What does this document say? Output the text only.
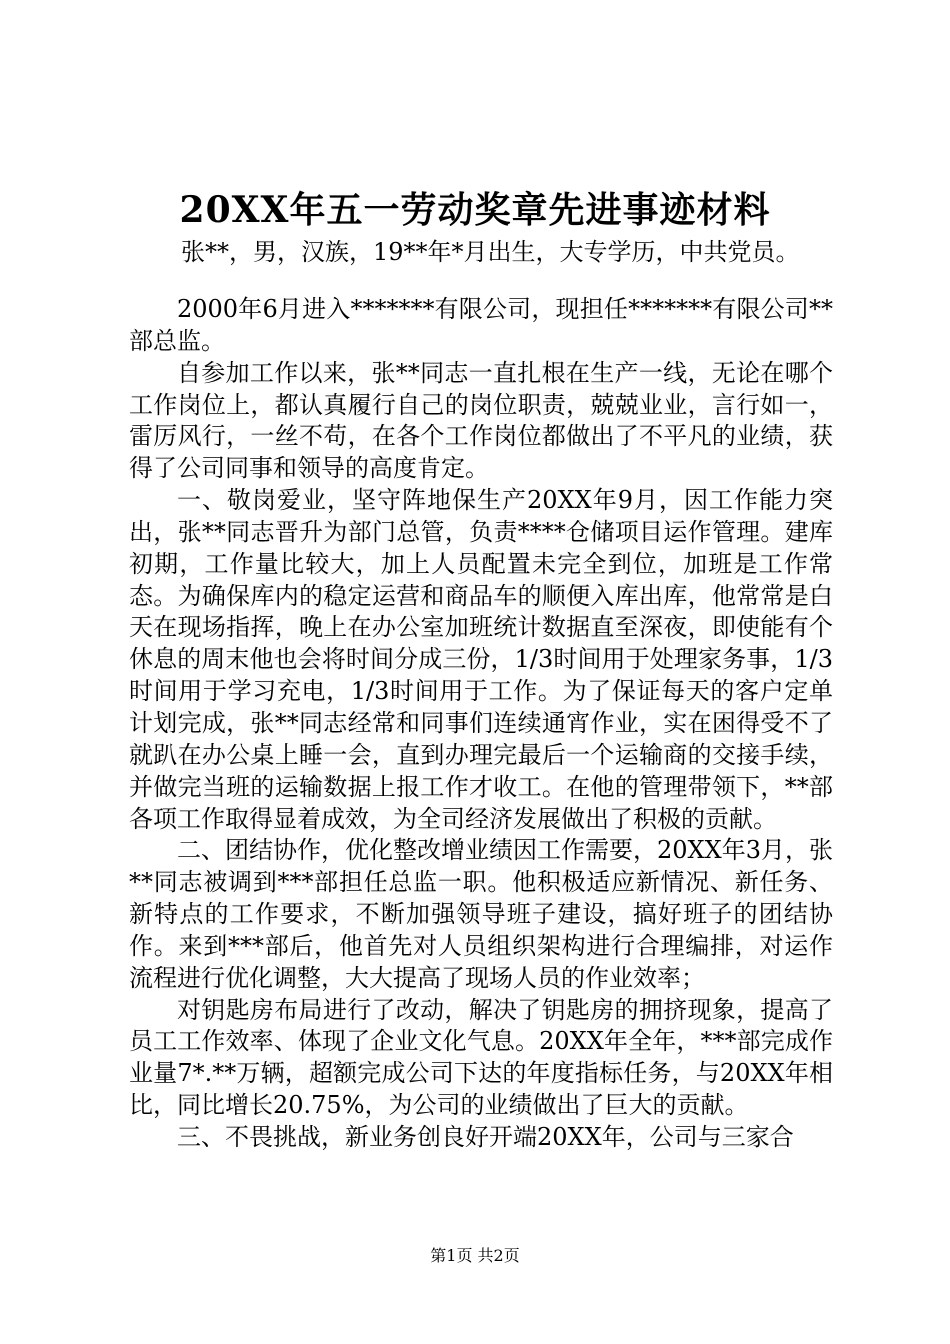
20XX年五一劳动奖章先进事迹材料

张**，男，汉族，19**年*月出生，大专学历，中共党员。

2000年6月进入*******有限公司，现担任*******有限公司**部总监。

自参加工作以来，张**同志一直扎根在生产一线，无论在哪个工作岗位上，都认真履行自己的岗位职责，兢兢业业，言行如一，雷厉风行，一丝不苟，在各个工作岗位都做出了不平凡的业绩，获得了公司同事和领导的高度肯定。

一、敬岗爱业，坚守阵地保生产20XX年9月，因工作能力突出，张**同志晋升为部门总管，负责****仓储项目运作管理。建库初期，工作量比较大，加上人员配置未完全到位，加班是工作常态。为确保库内的稳定运营和商品车的顺便入库出库，他常常是白天在现场指挥，晚上在办公室加班统计数据直至深夜，即使能有个休息的周末他也会将时间分成三份，1/3时间用于处理家务事，1/3时间用于学习充电，1/3时间用于工作。为了保证每天的客户定单计划完成，张**同志经常和同事们连续通宵作业，实在困得受不了就趴在办公桌上睡一会，直到办理完最后一个运输商的交接手续，并做完当班的运输数据上报工作才收工。在他的管理带领下，**部各项工作取得显着成效，为全司经济发展做出了积极的贡献。

二、团结协作，优化整改增业绩因工作需要，20XX年3月，张**同志被调到***部担任总监一职。他积极适应新情况、新任务、新特点的工作要求，不断加强领导班子建设，搞好班子的团结协作。来到***部后，他首先对人员组织架构进行合理编排，对运作流程进行优化调整，大大提高了现场人员的作业效率；

对钥匙房布局进行了改动，解决了钥匙房的拥挤现象，提高了员工工作效率、体现了企业文化气息。20XX年全年，***部完成作业量7*.**万辆，超额完成公司下达的年度指标任务，与20XX年相比，同比增长20.75%，为公司的业绩做出了巨大的贡献。

三、不畏挑战，新业务创良好开端20XX年，公司与三家合

第1页 共2页
